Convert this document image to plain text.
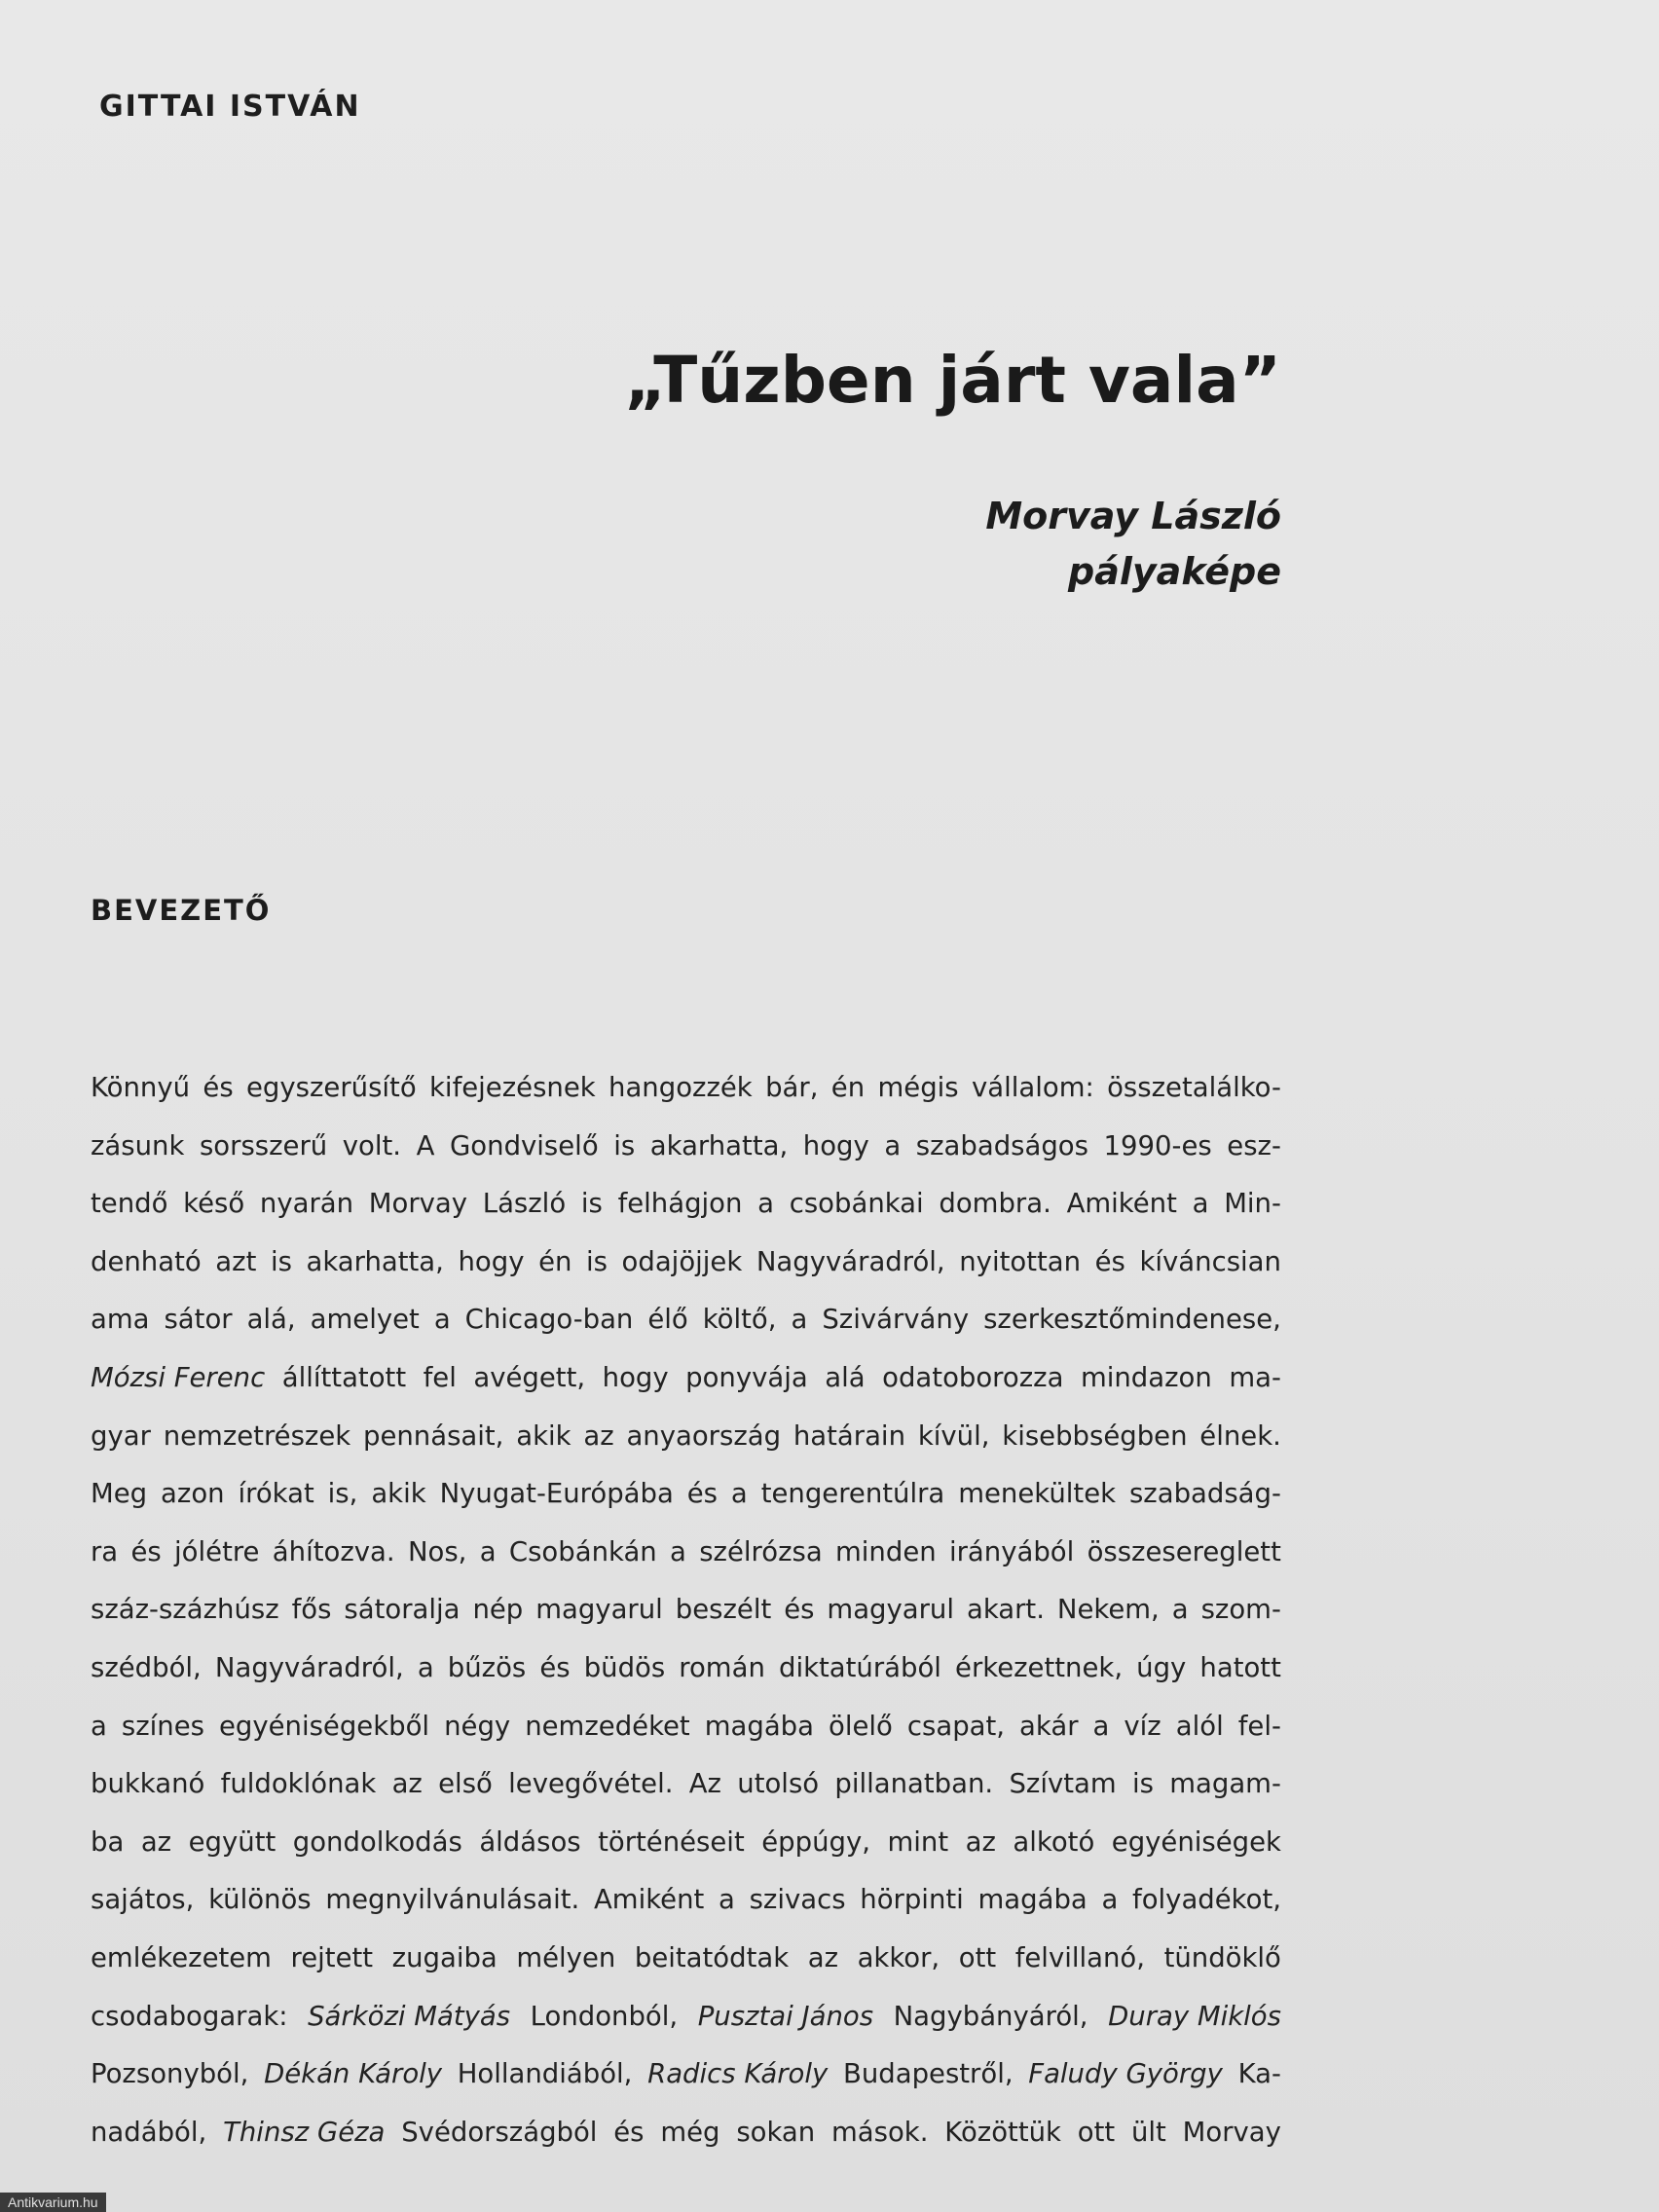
GITTAI ISTVÁN
„Tűzben járt vala”
Morvay László
pályaképe
BEVEZETŐ
Könnyű és egyszerűsítő kifejezésnek hangozzék bár, én mégis vállalom: összetalálko-
zásunk sorsszerű volt. A Gondviselő is akarhatta, hogy a szabadságos 1990-es esz-
tendő késő nyarán Morvay László is felhágjon a csobánkai dombra. Amiként a Min-
denható azt is akarhatta, hogy én is odajöjjek Nagyváradról, nyitottan és kíváncsian
ama sátor alá, amelyet a Chicago-ban élő költő, a Szivárvány szerkesztőmindenese,
Mózsi Ferenc állíttatott fel avégett, hogy ponyvája alá odatoborozza mindazon ma-
gyar nemzetrészek pennásait, akik az anyaország határain kívül, kisebbségben élnek.
Meg azon írókat is, akik Nyugat-Európába és a tengerentúlra menekültek szabadság-
ra és jólétre áhítozva. Nos, a Csobánkán a szélrózsa minden irányából összesereglett
száz-százhúsz fős sátoralja nép magyarul beszélt és magyarul akart. Nekem, a szom-
szédból, Nagyváradról, a bűzös és büdös román diktatúrából érkezettnek, úgy hatott
a színes egyéniségekből négy nemzedéket magába ölelő csapat, akár a víz alól fel-
bukkanó fuldoklónak az első levegővétel. Az utolsó pillanatban. Szívtam is magam-
ba az együtt gondolkodás áldásos történéseit éppúgy, mint az alkotó egyéniségek
sajátos, különös megnyilvánulásait. Amiként a szivacs hörpinti magába a folyadékot,
emlékezetem rejtett zugaiba mélyen beitatódtak az akkor, ott felvillanó, tündöklő
csodabogarak: Sárközi Mátyás Londonból, Pusztai János Nagybányáról, Duray Miklós
Pozsonyból, Dékán Károly Hollandiából, Radics Károly Budapestről, Faludy György Ka-
nadából, Thinsz Géza Svédországból és még sokan mások. Közöttük ott ült Morvay
Antikvarium.hu
